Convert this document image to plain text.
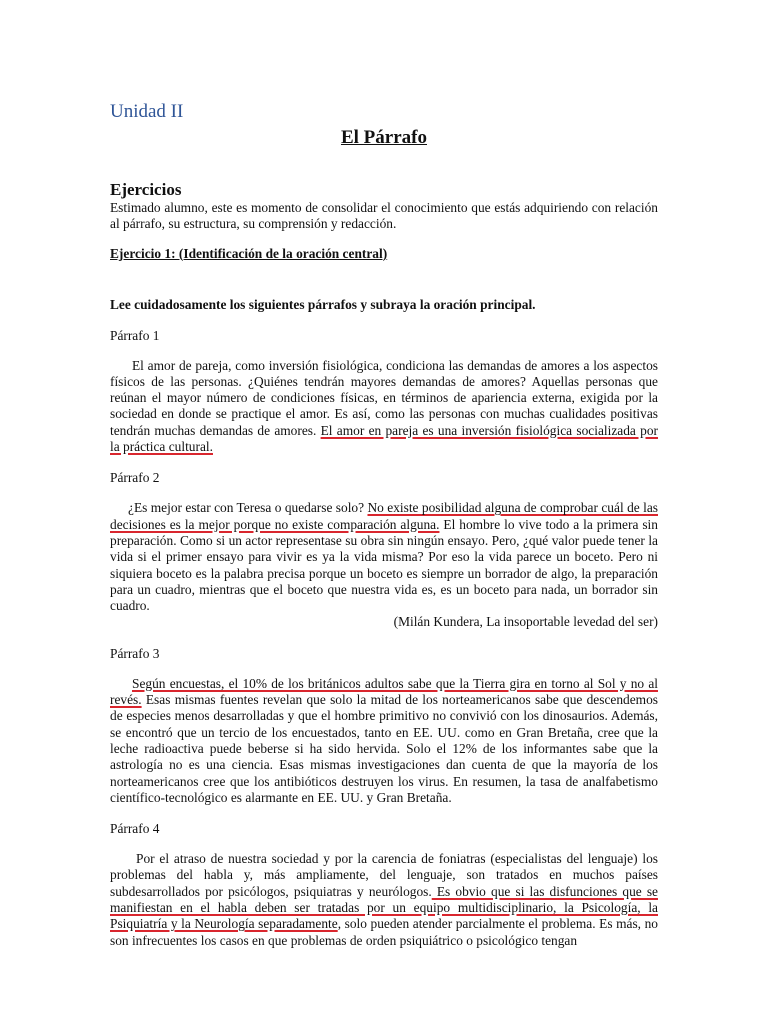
Unidad II
El Párrafo
Ejercicios

Estimado alumno, este es momento de consolidar el conocimiento que estás adquiriendo con relación al párrafo, su estructura, su comprensión y redacción.

Ejercicio 1: (Identificación de la oración central)
Lee cuidadosamente los siguientes párrafos y subraya la oración principal.
Párrafo 1

El amor de pareja, como inversión fisiológica, condiciona las demandas de amores a los aspectos físicos de las personas. ¿Quiénes tendrán mayores demandas de amores? Aquellas personas que reúnan el mayor número de condiciones físicas, en términos de apariencia externa, exigida por la sociedad en donde se practique el amor. Es así, como las personas con muchas cualidades positivas tendrán muchas demandas de amores. El amor en pareja es una inversión fisiológica socializada por la práctica cultural.

Párrafo 2

¿Es mejor estar con Teresa o quedarse solo? No existe posibilidad alguna de comprobar cuál de las decisiones es la mejor porque no existe comparación alguna. El hombre lo vive todo a la primera sin preparación. Como si un actor representase su obra sin ningún ensayo. Pero, ¿qué valor puede tener la vida si el primer ensayo para vivir es ya la vida misma? Por eso la vida parece un boceto. Pero ni siquiera boceto es la palabra precisa porque un boceto es siempre un borrador de algo, la preparación para un cuadro, mientras que el boceto que nuestra vida es, es un boceto para nada, un borrador sin cuadro.

(Milán Kundera, La insoportable levedad del ser)
Párrafo 3

Según encuestas, el 10% de los británicos adultos sabe que la Tierra gira en torno al Sol y no al revés. Esas mismas fuentes revelan que solo la mitad de los norteamericanos sabe que descendemos de especies menos desarrolladas y que el hombre primitivo no convivió con los dinosaurios. Además, se encontró que un tercio de los encuestados, tanto en EE. UU. como en Gran Bretaña, cree que la leche radioactiva puede beberse si ha sido hervida. Solo el 12% de los informantes sabe que la astrología no es una ciencia. Esas mismas investigaciones dan cuenta de que la mayoría de los norteamericanos cree que los antibióticos destruyen los virus. En resumen, la tasa de analfabetismo científico-tecnológico es alarmante en EE. UU. y Gran Bretaña.

Párrafo 4

Por el atraso de nuestra sociedad y por la carencia de foniatras (especialistas del lenguaje) los problemas del habla y, más ampliamente, del lenguaje, son tratados en muchos países subdesarrollados por psicólogos, psiquiatras y neurólogos. Es obvio que si las disfunciones que se manifiestan en el habla deben ser tratadas por un equipo multidisciplinario, la Psicología, la Psiquiatría y la Neurología separadamente, solo pueden atender parcialmente el problema. Es más, no son infrecuentes los casos en que problemas de orden psiquiátrico o psicológico tengan
